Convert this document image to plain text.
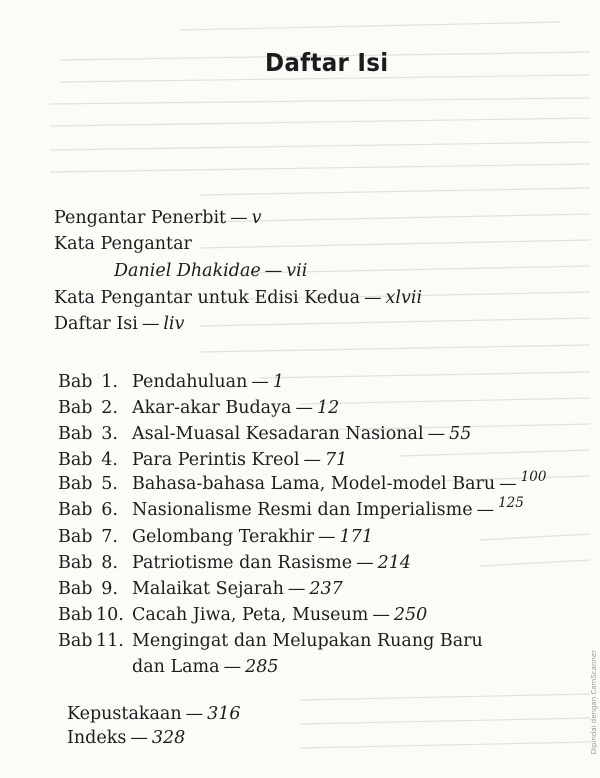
Daftar Isi
Pengantar Penerbit — v
Kata Pengantar
Daniel Dhakidae — vii
Kata Pengantar untuk Edisi Kedua — xlvii
Daftar Isi — liv
Bab 1. Pendahuluan — 1
Bab 2. Akar-akar Budaya — 12
Bab 3. Asal-Muasal Kesadaran Nasional — 55
Bab 4. Para Perintis Kreol — 71
Bab 5. Bahasa-bahasa Lama, Model-model Baru — $^{100}$
Bab 6. Nasionalisme Resmi dan Imperialisme — $^{125}$
Bab 7. Gelombang Terakhir — 171
Bab 8. Patriotisme dan Rasisme — 214
Bab 9. Malaikat Sejarah — 237
Bab 10. Cacah Jiwa, Peta, Museum — 250
Bab 11. Mengingat dan Melupakan Ruang Baru
dan Lama — 285
Kepustakaan — 316
Indeks — 328	Dipindai dengan CamScanner
